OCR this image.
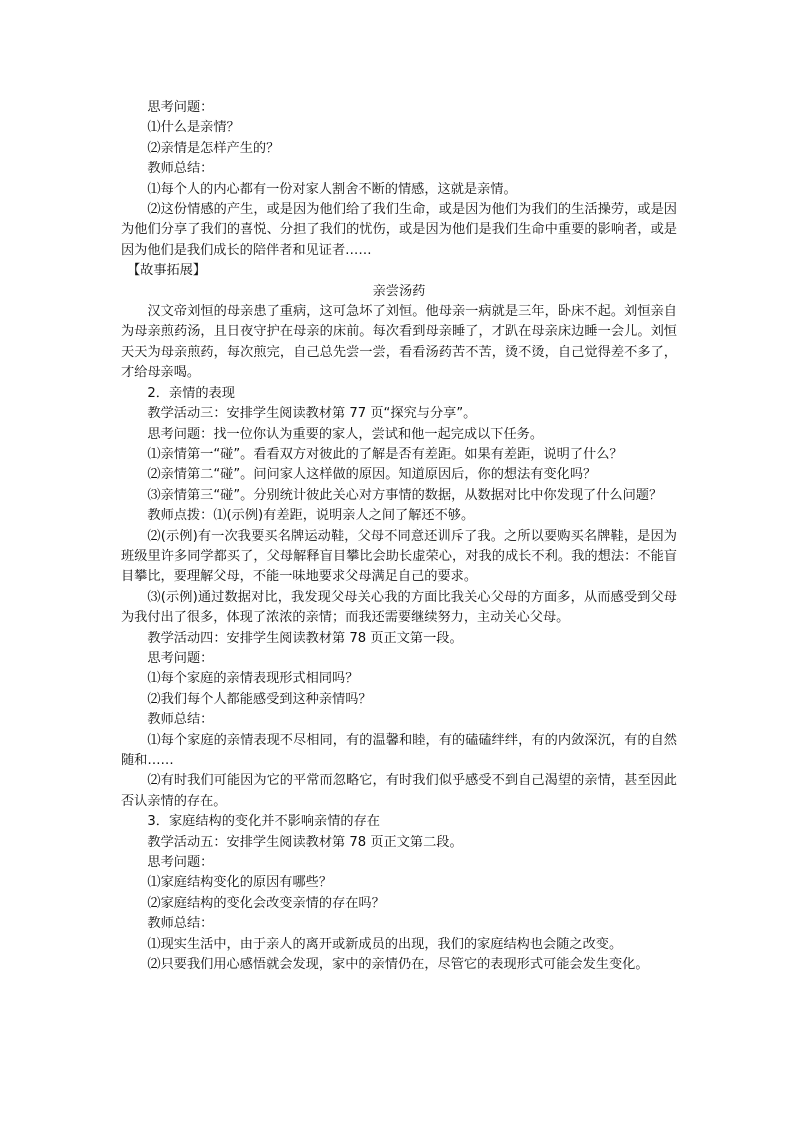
思考问题：

⑴什么是亲情？

⑵亲情是怎样产生的？

教师总结：

⑴每个人的内心都有一份对家人割舍不断的情感，这就是亲情。

⑵这份情感的产生，或是因为他们给了我们生命，或是因为他们为我们的生活操劳，或是因为他们分享了我们的喜悦、分担了我们的忧伤，或是因为他们是我们生命中重要的影响者，或是因为他们是我们成长的陪伴者和见证者……

【故事拓展】

亲尝汤药

汉文帝刘恒的母亲患了重病，这可急坏了刘恒。他母亲一病就是三年，卧床不起。刘恒亲自为母亲煎药汤，且日夜守护在母亲的床前。每次看到母亲睡了，才趴在母亲床边睡一会儿。刘恒天天为母亲煎药，每次煎完，自己总先尝一尝，看看汤药苦不苦，烫不烫，自己觉得差不多了，才给母亲喝。

2．亲情的表现

教学活动三：安排学生阅读教材第 77 页“探究与分享”。

思考问题：找一位你认为重要的家人，尝试和他一起完成以下任务。

⑴亲情第一“碰”。看看双方对彼此的了解是否有差距。如果有差距，说明了什么？

⑵亲情第二“碰”。问问家人这样做的原因。知道原因后，你的想法有变化吗？

⑶亲情第三“碰”。分别统计彼此关心对方事情的数据，从数据对比中你发现了什么问题？

教师点拨：⑴(示例)有差距，说明亲人之间了解还不够。

⑵(示例)有一次我要买名牌运动鞋，父母不同意还训斥了我。之所以要购买名牌鞋，是因为班级里许多同学都买了，父母解释盲目攀比会助长虚荣心，对我的成长不利。我的想法：不能盲目攀比，要理解父母，不能一味地要求父母满足自己的要求。

⑶(示例)通过数据对比，我发现父母关心我的方面比我关心父母的方面多，从而感受到父母为我付出了很多，体现了浓浓的亲情；而我还需要继续努力，主动关心父母。

教学活动四：安排学生阅读教材第 78 页正文第一段。

思考问题：

⑴每个家庭的亲情表现形式相同吗？

⑵我们每个人都能感受到这种亲情吗？

教师总结：

⑴每个家庭的亲情表现不尽相同，有的温馨和睦，有的磕磕绊绊，有的内敛深沉，有的自然随和……

⑵有时我们可能因为它的平常而忽略它，有时我们似乎感受不到自己渴望的亲情，甚至因此否认亲情的存在。

3．家庭结构的变化并不影响亲情的存在

教学活动五：安排学生阅读教材第 78 页正文第二段。

思考问题：

⑴家庭结构变化的原因有哪些？

⑵家庭结构的变化会改变亲情的存在吗？

教师总结：

⑴现实生活中，由于亲人的离开或新成员的出现，我们的家庭结构也会随之改变。

⑵只要我们用心感悟就会发现，家中的亲情仍在，尽管它的表现形式可能会发生变化。
